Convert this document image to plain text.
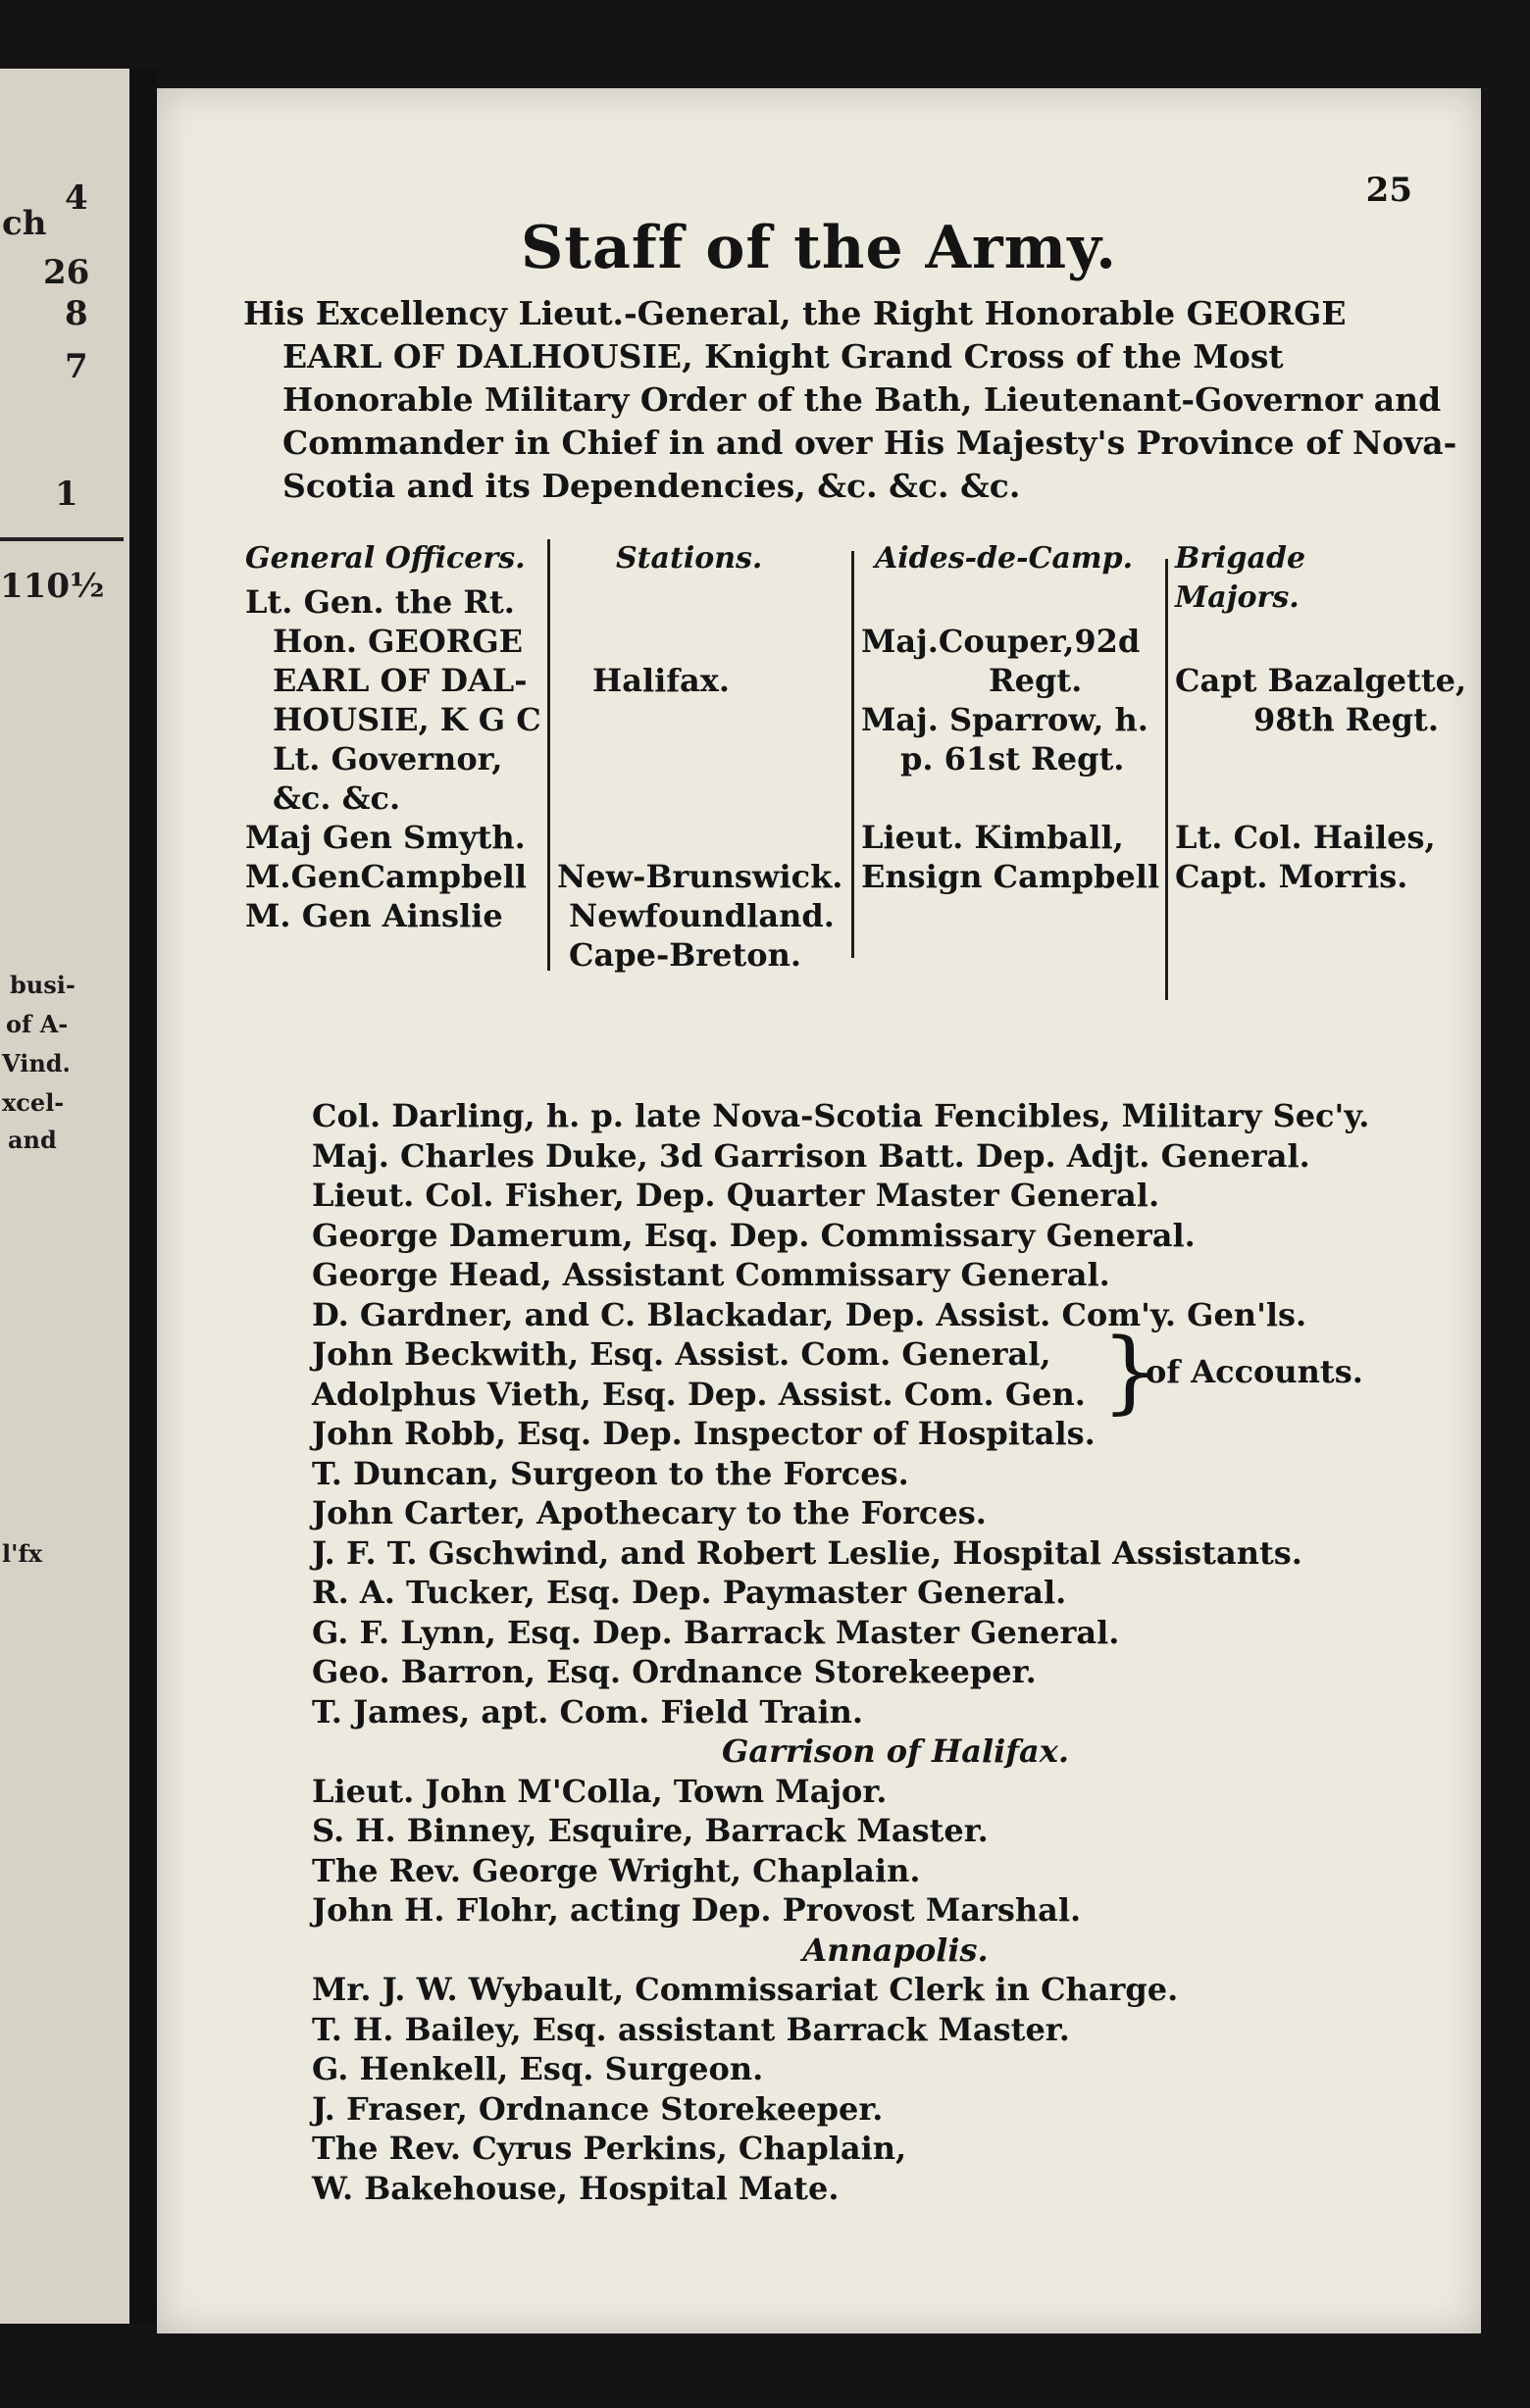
ch
4
26
8
7
1
110½
busi-
of A-
Vind.
xcel-
and
l'fx
25
Staff of the Army.
His Excellency Lieut.-General, the Right Honorable GEORGE
EARL OF DALHOUSIE, Knight Grand Cross of the Most
Honorable Military Order of the Bath, Lieutenant-Governor and
Commander in Chief in and over His Majesty's Province of Nova-
Scotia and its Dependencies, &c. &c. &c.
General Officers.
Lt. Gen. the Rt.
Hon. GEORGE
EARL OF DAL-
HOUSIE, K G C
Lt. Governor,
&c. &c.
Maj Gen Smyth.
M.GenCampbell
M. Gen Ainslie
Stations.
Halifax.
New-Brunswick.
Newfoundland.
Cape-Breton.
Aides-de-Camp.
Maj.Couper,92d
Regt.
Maj. Sparrow, h.
p. 61st Regt.
Lieut. Kimball,
Ensign Campbell
Brigade Majors.
Capt Bazalgette,
98th Regt.
Lt. Col. Hailes,
Capt. Morris.
Col. Darling, h. p. late Nova-Scotia Fencibles, Military Sec'y.
Maj. Charles Duke, 3d Garrison Batt. Dep. Adjt. General.
Lieut. Col. Fisher, Dep. Quarter Master General.
George Damerum, Esq. Dep. Commissary General.
George Head, Assistant Commissary General.
D. Gardner, and C. Blackadar, Dep. Assist. Com'y. Gen'ls.
John Beckwith, Esq. Assist. Com. General,
Adolphus Vieth, Esq. Dep. Assist. Com. Gen. }
of Accounts.
John Robb, Esq. Dep. Inspector of Hospitals.
T. Duncan, Surgeon to the Forces.
John Carter, Apothecary to the Forces.
J. F. T. Gschwind, and Robert Leslie, Hospital Assistants.
R. A. Tucker, Esq. Dep. Paymaster General.
G. F. Lynn, Esq. Dep. Barrack Master General.
Geo. Barron, Esq. Ordnance Storekeeper.
T. James, apt. Com. Field Train.
Garrison of Halifax.
Lieut. John M'Colla, Town Major.
S. H. Binney, Esquire, Barrack Master.
The Rev. George Wright, Chaplain.
John H. Flohr, acting Dep. Provost Marshal.
Annapolis.
Mr. J. W. Wybault, Commissariat Clerk in Charge.
T. H. Bailey, Esq. assistant Barrack Master.
G. Henkell, Esq. Surgeon.
J. Fraser, Ordnance Storekeeper.
The Rev. Cyrus Perkins, Chaplain,
W. Bakehouse, Hospital Mate.
